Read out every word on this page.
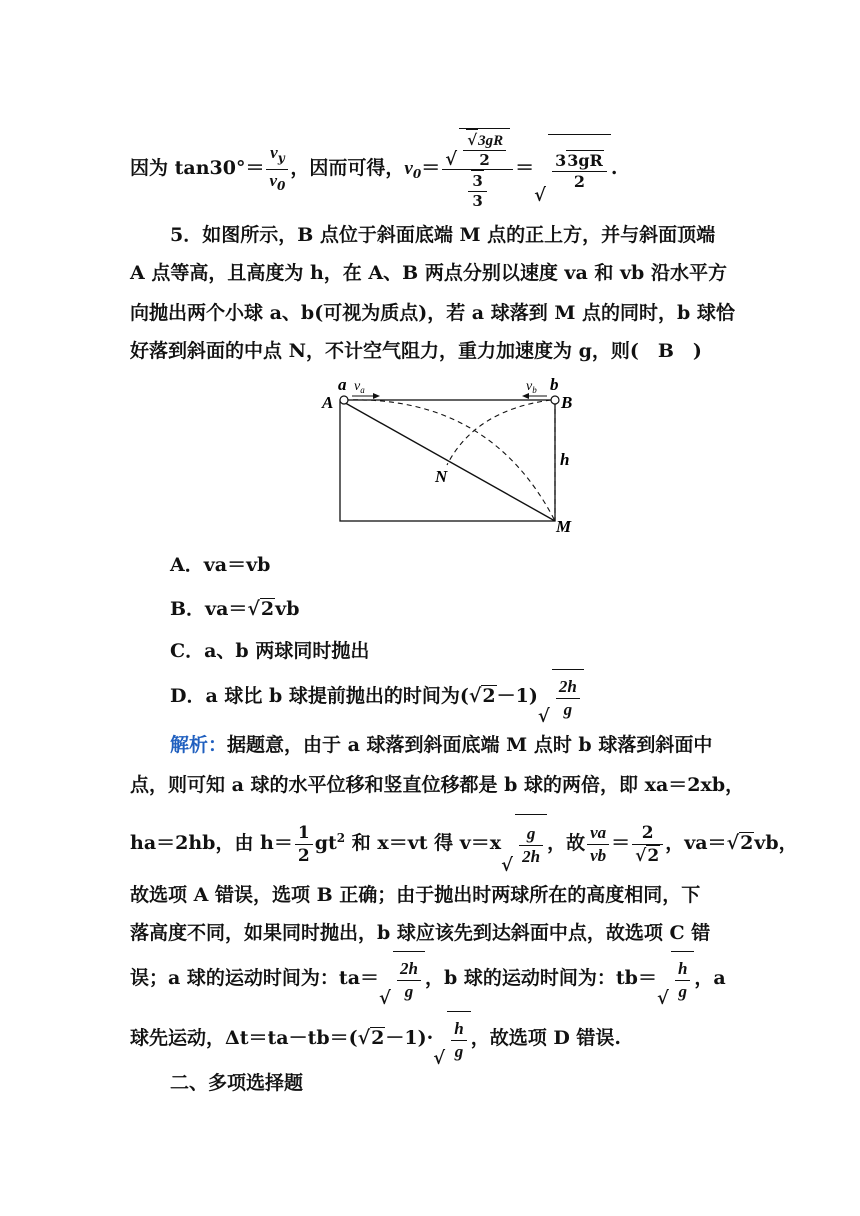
因为 $\tan 30^\circ= \frac{v_y}{v_0}$ ，因而可得，$v_0= \frac{√ \frac{√3gR}{2}}{\frac{3}{3}}$ ＝
√
$\frac{33gR}{2}$ .
5．如图所示，B 点位于斜面底端 M 点的正上方，并与斜面顶端
A 点等高，且高度为 h，在 A、B 两点分别以速度 va 和 vb 沿水平方
向抛出两个小球 a、b(可视为质点)，若 a 球落到 M 点的同时，b 球恰
好落到斜面的中点 N，不计空气阻力，重力加速度为 g，则(　B　)
a $v_a$
A
b
$v_b$
B
h
N
M
A．va＝vb
B．va＝√2vb
C．a、b 两球同时抛出
D．a 球比 b 球提前抛出的时间为(√2－1)
√ $\frac{2h}{g}$
解析：据题意，由于 a 球落到斜面底端 M 点时 b 球落到斜面中
点，则可知 a 球的水平位移和竖直位移都是 b 球的两倍，即 xa＝2xb，
ha＝2hb，由 $h= \frac{1}{2} gt^2$ 和 x＝vt 得 v＝x
√ $\frac{g}{2h}$ ，故 $\frac{va}{vb} = \frac{2}{√2}$ ，va＝√2vb，
故选项 A 错误，选项 B 正确；由于抛出时两球所在的高度相同，下
落高度不同，如果同时抛出，b 球应该先到达斜面中点，故选项 C 错
误；a 球的运动时间为：ta＝
√ $\frac{2h}{g}$ ，b 球的运动时间为：tb＝
√ $\frac{h}{g}$ ，a
球先运动，Δt＝ta－tb＝(√2－1)·
√ $\frac{h}{g}$ ，故选项 D 错误.
二、多项选择题
